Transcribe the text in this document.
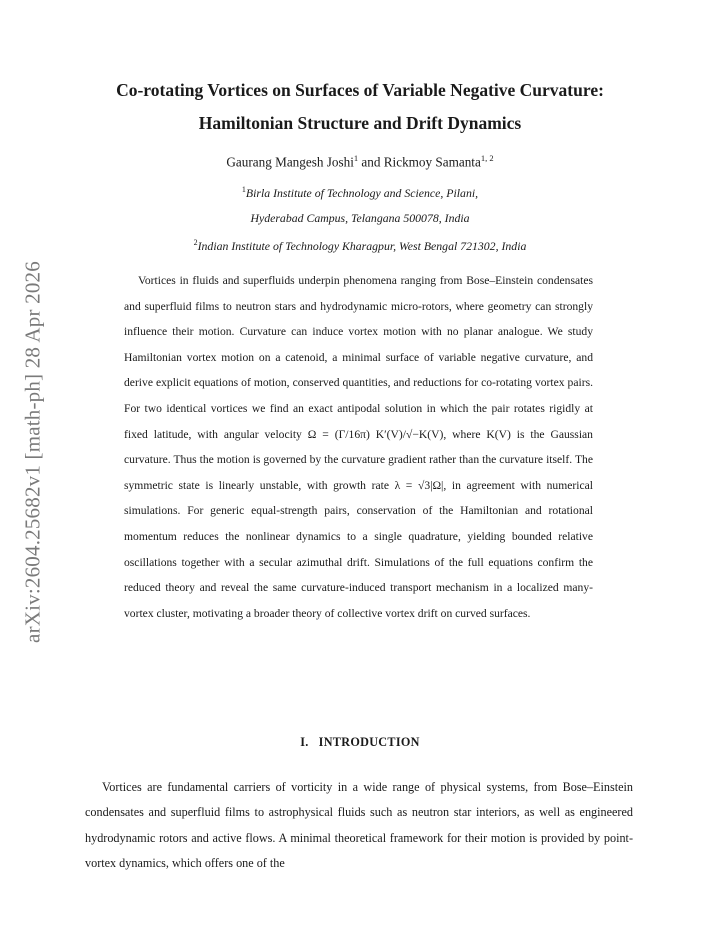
arXiv:2604.25682v1 [math-ph] 28 Apr 2026
Co-rotating Vortices on Surfaces of Variable Negative Curvature:
Hamiltonian Structure and Drift Dynamics
Gaurang Mangesh Joshi$^1$ and Rickmoy Samanta$^{1, 2}$
$^1$Birla Institute of Technology and Science, Pilani,
Hyderabad Campus, Telangana 500078, India
$^2$Indian Institute of Technology Kharagpur, West Bengal 721302, India

Vortices in fluids and superfluids underpin phenomena ranging from Bose–Einstein condensates and superfluid films to neutron stars and hydrodynamic micro-rotors, where geometry can strongly influence their motion. Curvature can induce vortex motion with no planar analogue. We study Hamiltonian vortex motion on a catenoid, a minimal surface of variable negative curvature, and derive explicit equations of motion, conserved quantities, and reductions for co-rotating vortex pairs. For two identical vortices we find an exact antipodal solution in which the pair rotates rigidly at fixed latitude, with angular velocity Ω = (Γ/16π) K′(V)/√−K(V), where K(V) is the Gaussian curvature. Thus the motion is governed by the curvature gradient rather than the curvature itself. The symmetric state is linearly unstable, with growth rate λ = √3|Ω|, in agreement with numerical simulations. For generic equal-strength pairs, conservation of the Hamiltonian and rotational momentum reduces the nonlinear dynamics to a single quadrature, yielding bounded relative oscillations together with a secular azimuthal drift. Simulations of the full equations confirm the reduced theory and reveal the same curvature-induced transport mechanism in a localized many-vortex cluster, motivating a broader theory of collective vortex drift on curved surfaces.

I.   INTRODUCTION

Vortices are fundamental carriers of vorticity in a wide range of physical systems, from Bose–Einstein condensates and superfluid films to astrophysical fluids such as neutron star interiors, as well as engineered hydrodynamic rotors and active flows. A minimal theoretical framework for their motion is provided by point-vortex dynamics, which offers one of the
